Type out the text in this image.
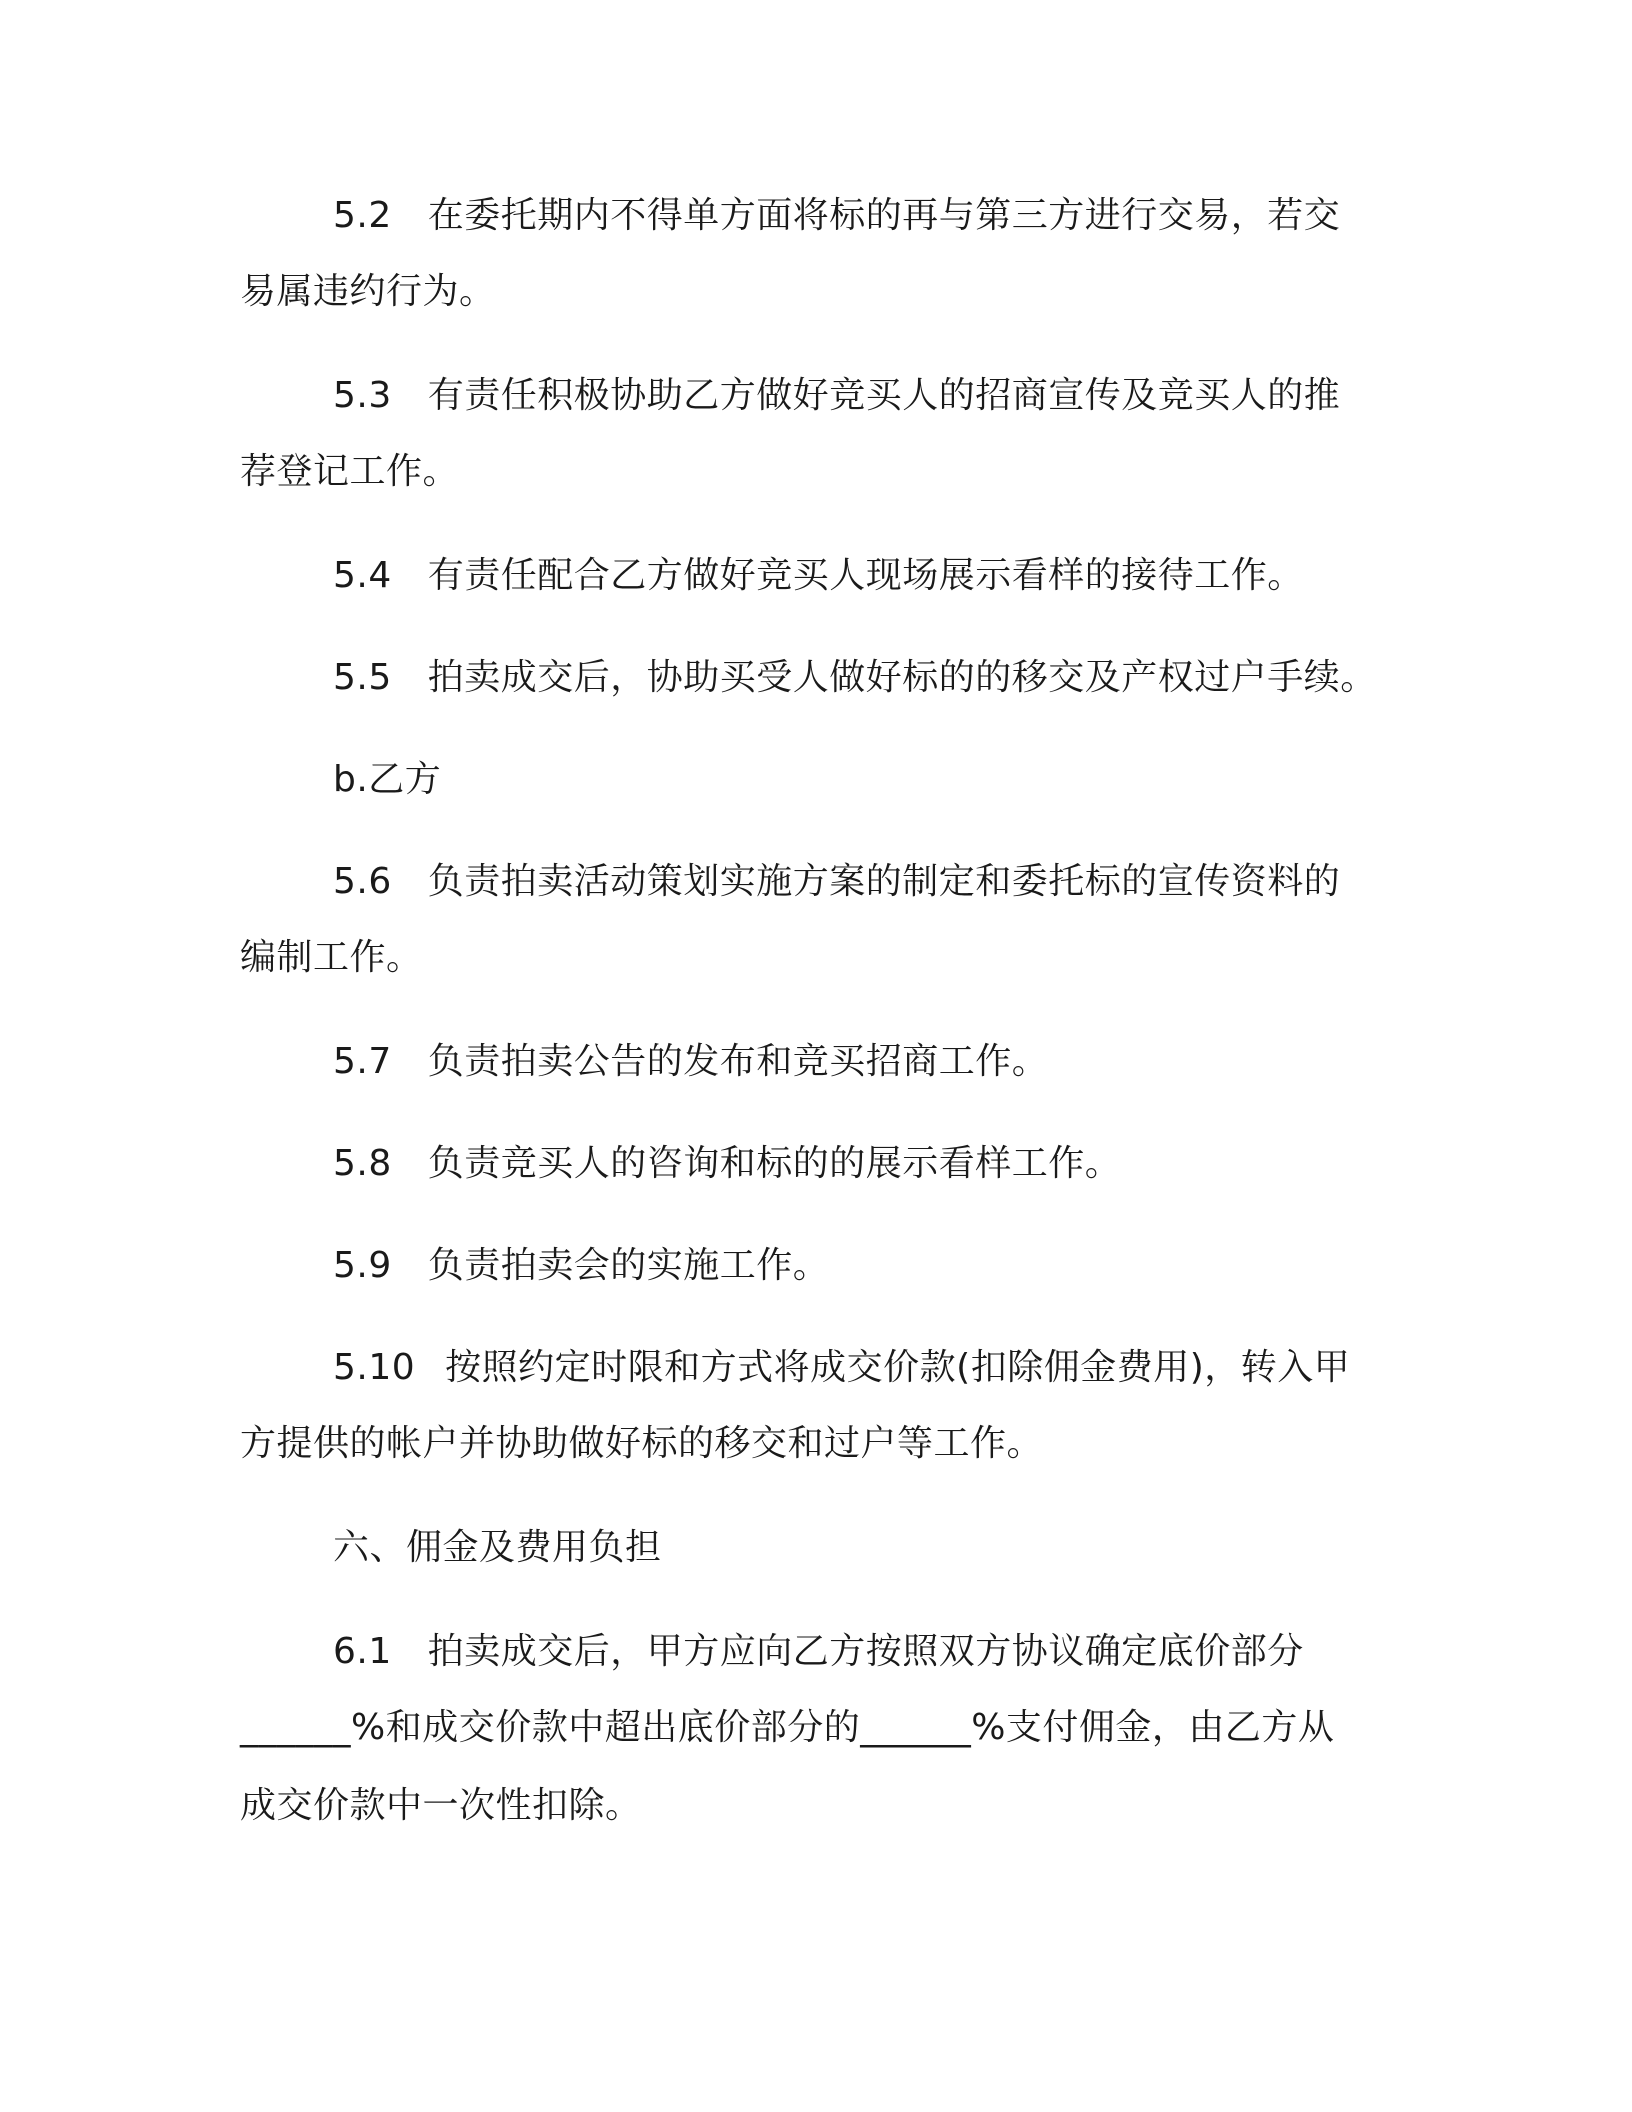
5.2 在委托期内不得单方面将标的再与第三方进行交易，若交
易属违约行为。
5.3 有责任积极协助乙方做好竞买人的招商宣传及竞买人的推
荐登记工作。
5.4 有责任配合乙方做好竞买人现场展示看样的接待工作。
5.5 拍卖成交后，协助买受人做好标的的移交及产权过户手续。
b.乙方
5.6 负责拍卖活动策划实施方案的制定和委托标的宣传资料的
编制工作。
5.7 负责拍卖公告的发布和竞买招商工作。
5.8 负责竞买人的咨询和标的的展示看样工作。
5.9 负责拍卖会的实施工作。
5.10 按照约定时限和方式将成交价款(扣除佣金费用)，转入甲
方提供的帐户并协助做好标的移交和过户等工作。
六、佣金及费用负担
6.1 拍卖成交后，甲方应向乙方按照双方协议确定底价部分
______%和成交价款中超出底价部分的______%支付佣金，由乙方从
成交价款中一次性扣除。
